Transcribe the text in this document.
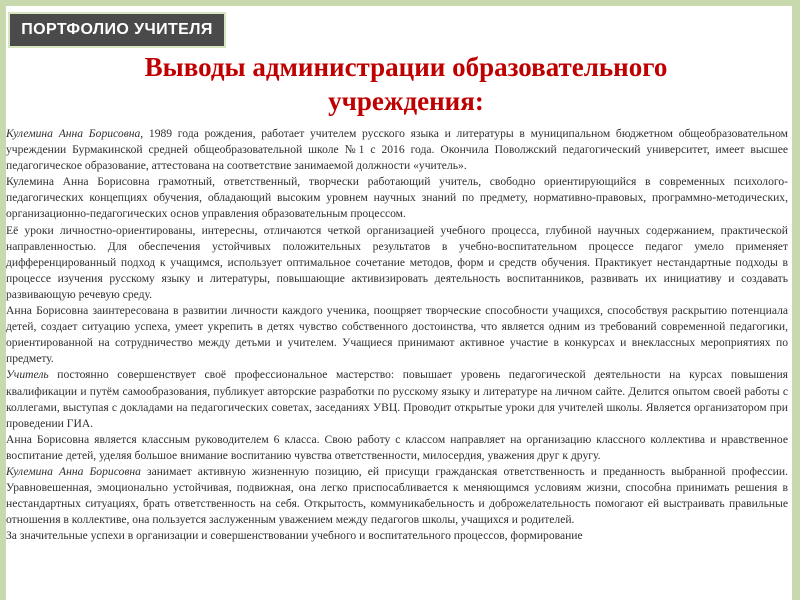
ПОРТФОЛИО УЧИТЕЛЯ
Выводы администрации образовательного
учреждения:

Кулемина Анна Борисовна, 1989 года рождения, работает учителем русского языка и литературы в муниципальном бюджетном общеобразовательном учреждении Бурмакинской средней общеобразовательной школе №1 с 2016 года. Окончила Поволжский педагогический университет, имеет высшее педагогическое образование, аттестована на соответствие занимаемой должности «учитель».

Кулемина Анна Борисовна грамотный, ответственный, творчески работающий учитель, свободно ориентирующийся в современных психолого-педагогических концепциях обучения, обладающий высоким уровнем научных знаний по предмету, нормативно-правовых, программно-методических, организационно-педагогических основ управления образовательным процессом.

Её уроки личностно-ориентированы, интересны, отличаются четкой организацией учебного процесса, глубиной научных содержанием, практической направленностью. Для обеспечения устойчивых положительных результатов в учебно-воспитательном процессе педагог умело применяет дифференцированный подход к учащимся, использует оптимальное сочетание методов, форм и средств обучения. Практикует нестандартные подходы в процессе изучения русскому языку и литературы, повышающие активизировать деятельность воспитанников, развивать их инициативу и создавать развивающую речевую среду.

Анна Борисовна заинтересована в развитии личности каждого ученика, поощряет творческие способности учащихся, способствуя раскрытию потенциала детей, создает ситуацию успеха, умеет укрепить в детях чувство собственного достоинства, что является одним из требований современной педагогики, ориентированной на сотрудничество между детьми и учителем. Учащиеся принимают активное участие в конкурсах и внеклассных мероприятиях по предмету.

Учитель постоянно совершенствует своё профессиональное мастерство: повышает уровень педагогической деятельности на курсах повышения квалификации и путём самообразования, публикует авторские разработки по русскому языку и литературе на личном сайте. Делится опытом своей работы с коллегами, выступая с докладами на педагогических советах, заседаниях УВЦ. Проводит открытые уроки для учителей школы. Является организатором при проведении ГИА.

Анна Борисовна является классным руководителем 6 класса. Свою работу с классом направляет на организацию классного коллектива и нравственное воспитание детей, уделяя большое внимание воспитанию чувства ответственности, милосердия, уважения друг к другу.

Кулемина Анна Борисовна занимает активную жизненную позицию, ей присущи гражданская ответственность и преданность выбранной профессии. Уравновешенная, эмоционально устойчивая, подвижная, она легко приспосабливается к меняющимся условиям жизни, способна принимать решения в нестандартных ситуациях, брать ответственность на себя. Открытость, коммуникабельность и доброжелательность помогают ей выстраивать правильные отношения в коллективе, она пользуется заслуженным уважением между педагогов школы, учащихся и родителей.

За значительные успехи в организации и совершенствовании учебного и воспитательного процессов, формирование
